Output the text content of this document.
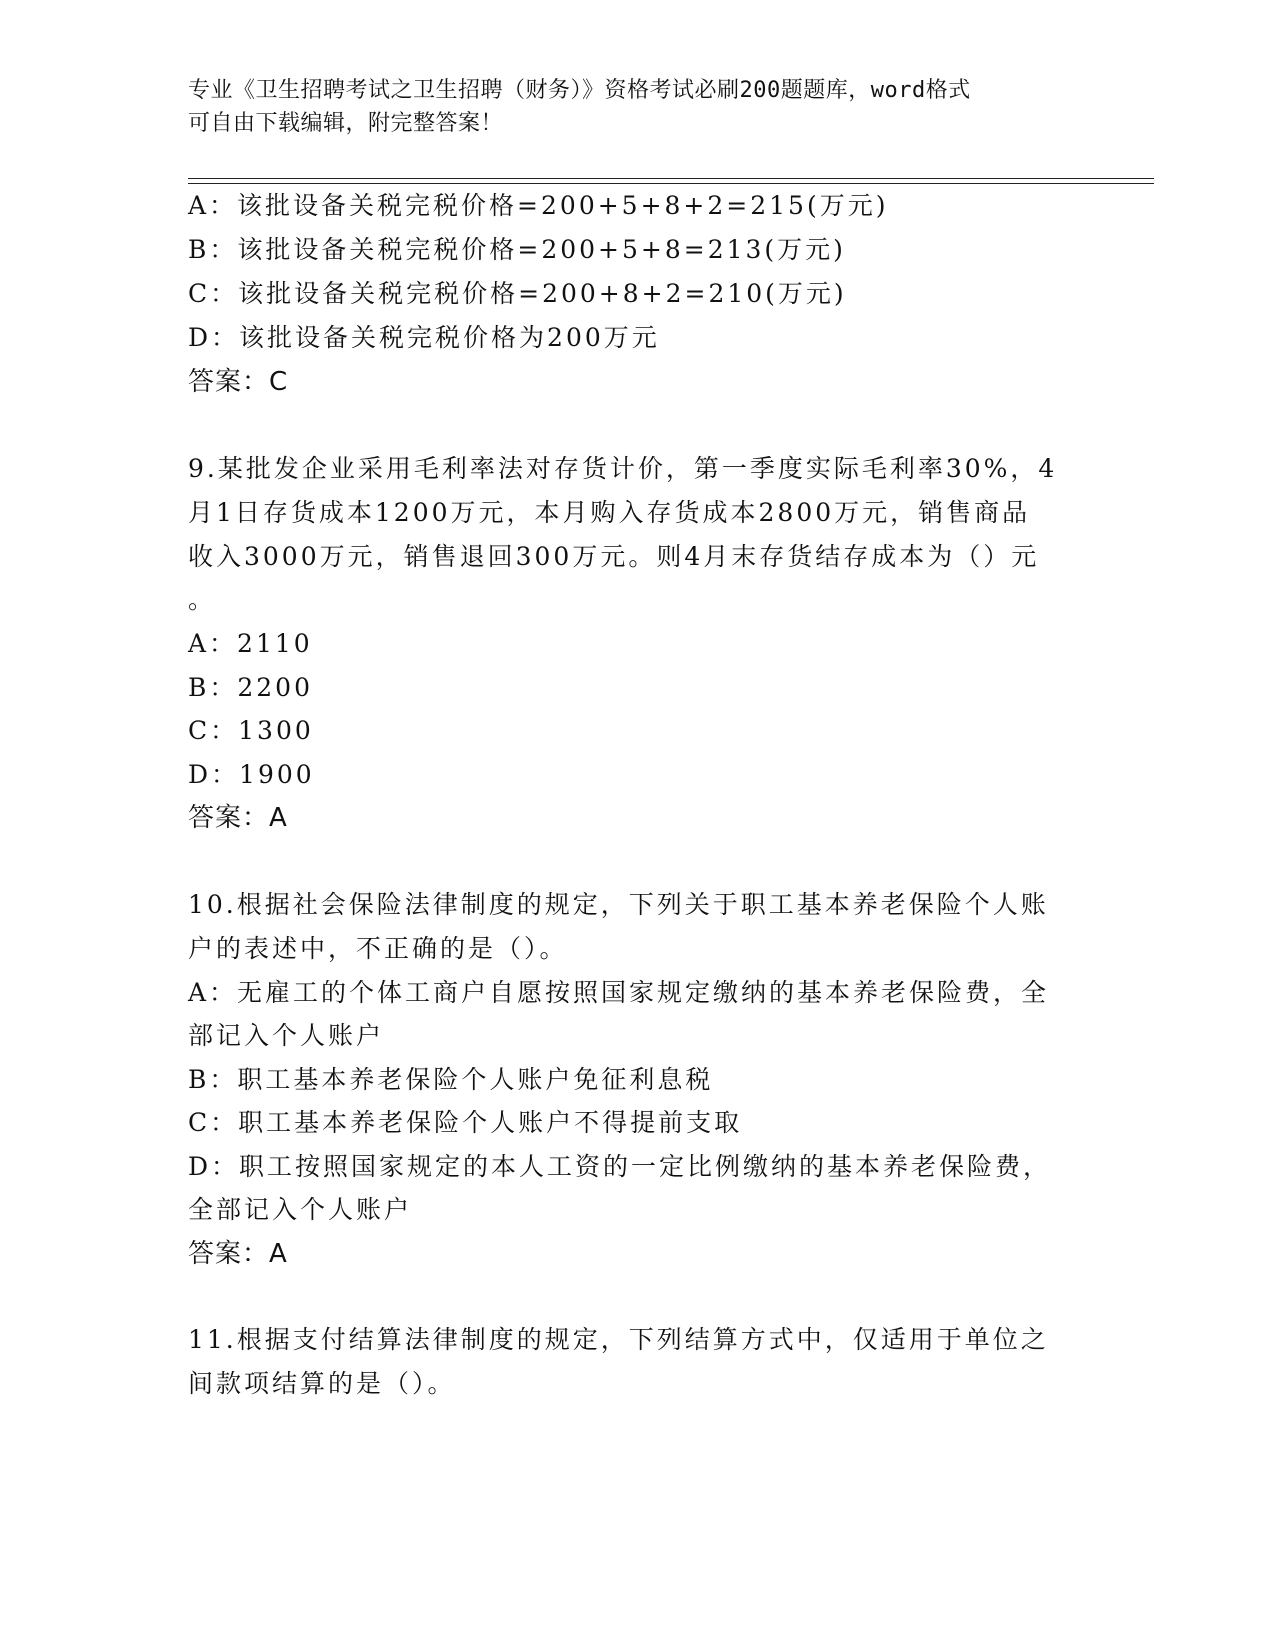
专业《卫生招聘考试之卫生招聘（财务）》资格考试必刷200题题库，word格式
可自由下载编辑，附完整答案！
A：该批设备关税完税价格=200+5+8+2=215(万元)
B：该批设备关税完税价格=200+5+8=213(万元)
C：该批设备关税完税价格=200+8+2=210(万元)
D：该批设备关税完税价格为200万元
答案：C
9.某批发企业采用毛利率法对存货计价，第一季度实际毛利率30%，4
月1日存货成本1200万元，本月购入存货成本2800万元，销售商品
收入3000万元，销售退回300万元。则4月末存货结存成本为（）元
。
A：2110
B：2200
C：1300
D：1900
答案：A
10.根据社会保险法律制度的规定，下列关于职工基本养老保险个人账
户的表述中，不正确的是（）。
A：无雇工的个体工商户自愿按照国家规定缴纳的基本养老保险费，全
部记入个人账户
B：职工基本养老保险个人账户免征利息税
C：职工基本养老保险个人账户不得提前支取
D：职工按照国家规定的本人工资的一定比例缴纳的基本养老保险费，
全部记入个人账户
答案：A
11.根据支付结算法律制度的规定，下列结算方式中，仅适用于单位之
间款项结算的是（）。
